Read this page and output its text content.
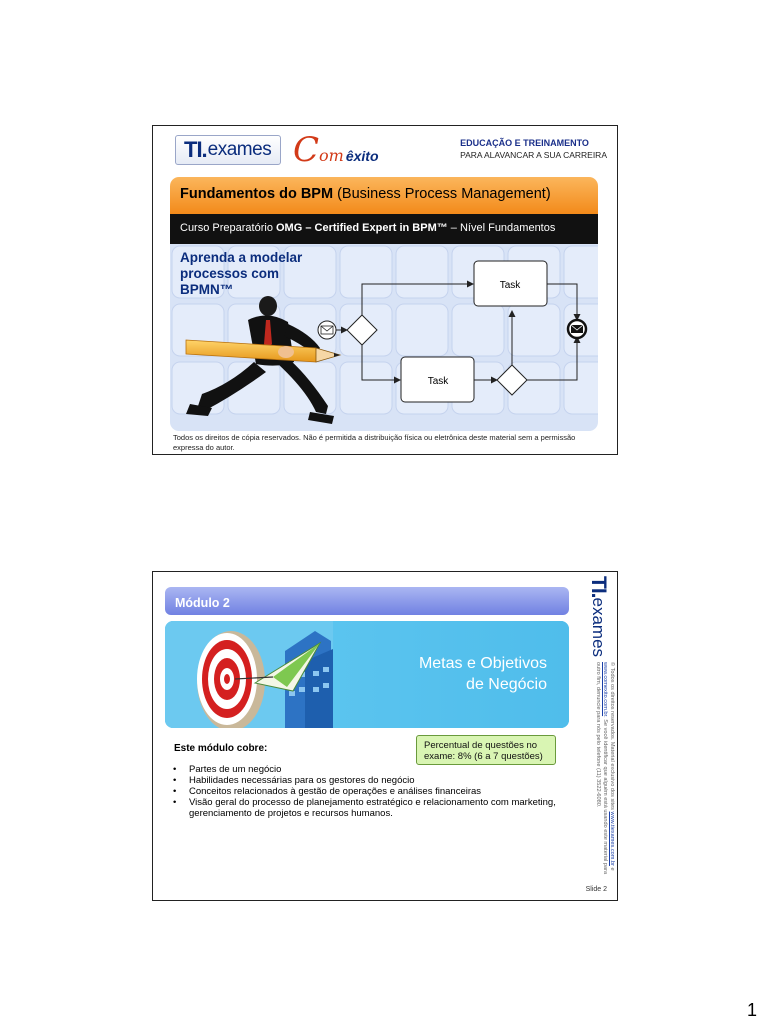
TI. exames C om êxito
EDUCAÇÃO E TREINAMENTO
PARA ALAVANCAR A SUA CARREIRA
Fundamentos do BPM (Business Process Management)
Curso Preparatório OMG – Certified Expert in BPM™ – Nível Fundamentos
Task
Task
Aprenda a modelar
processos com
BPMN™
Todos os direitos de cópia reservados. Não é permitida a distribuição física ou eletrônica deste material sem a permissão expressa do autor.
Módulo 2
Metas e Objetivos
de Negócio
Este módulo cobre:	Percentual de questões no
exame: 8% (6 a 7 questões)
• Partes de um negócio
• Habilidades necessárias para os gestores do negócio
• Conceitos relacionados à gestão de operações e análises financeiras
• Visão geral do processo de planejamento estratégico e relacionamento com marketing, gerenciamento de projetos e recursos humanos.
TI.
exames
© Todos os direitos reservados. Material exclusivo dos sites www.tiexames.com.br e www.comexito.com.br. Se você identificar que alguém está usando este material para outro fim, denuncie para nós pelo telefone (11) 3522-6080.
Slide 2
1
